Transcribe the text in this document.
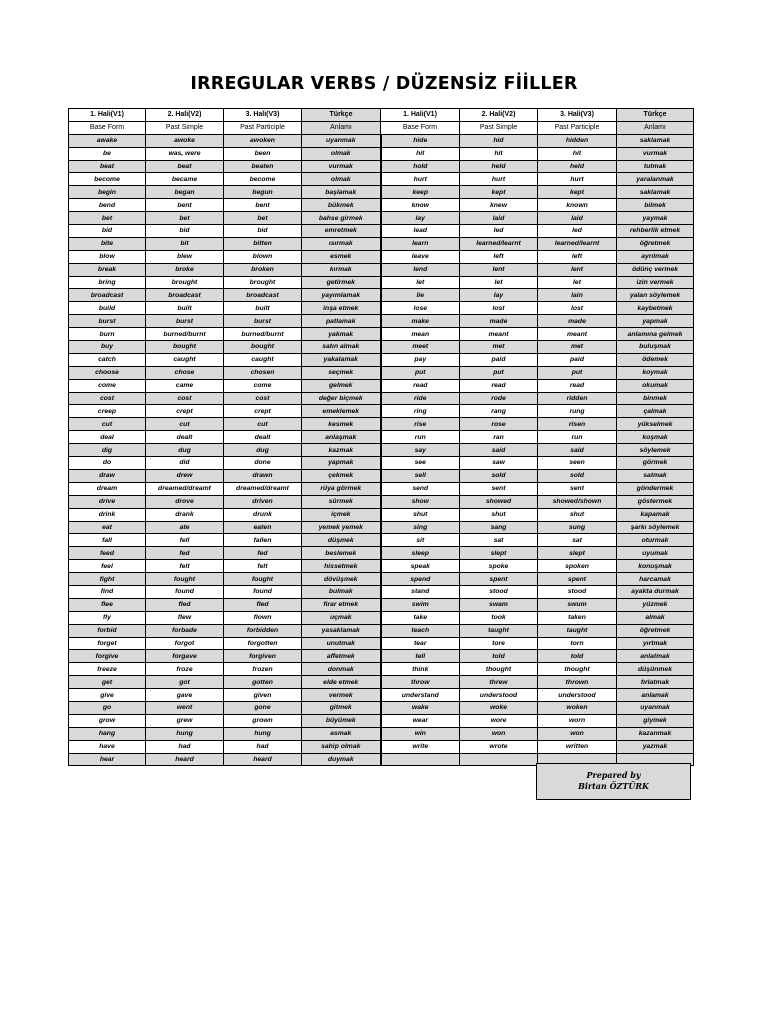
IRREGULAR VERBS / DÜZENSİZ FİİLLER
1. Hali(V1)	2. Hali(V2)	3. Hali(V3)	Türkçe	1. Hali(V1)	2. Hali(V2)	3. Hali(V3)	Türkçe
Base Form	Past Simple	Past Participle	Anlamı	Base Form	Past Simple	Past Participle	Anlamı
awake	awoke	awoken	uyanmak	hide	hid	hidden	saklamak
be	was, were	been	olmak	hit	hit	hit	vurmak
beat	beat	beaten	vurmak	hold	held	held	tutmak
become	became	become	olmak	hurt	hurt	hurt	yaralanmak
begin	began	begun	başlamak	keep	kept	kept	saklamak
bend	bent	bent	bükmek	know	knew	known	bilmek
bet	bet	bet	bahse girmek	lay	laid	laid	yaymak
bid	bid	bid	emretmek	lead	led	led	rehberlik etmek
bite	bit	bitten	ısırmak	learn	learned/learnt	learned/learnt	öğretmek
blow	blew	blown	esmek	leave	left	left	ayrılmak
break	broke	broken	kırmak	lend	lent	lent	ödünç vermek
bring	brought	brought	getirmek	let	let	let	izin vermek
broadcast	broadcast	broadcast	yayımlamak	lie	lay	lain	yalan söylemek
build	built	built	inşa etmek	lose	lost	lost	kaybetmek
burst	burst	burst	patlamak	make	made	made	yapmak
burn	burned/burnt	burned/burnt	yakmak	mean	meant	meant	anlamına gelmek
buy	bought	bought	satın almak	meet	met	met	buluşmak
catch	caught	caught	yakalamak	pay	paid	paid	ödemek
choose	chose	chosen	seçmek	put	put	put	koymak
come	came	come	gelmek	read	read	read	okumak
cost	cost	cost	değer biçmek	ride	rode	ridden	binmek
creep	crept	crept	emeklemek	ring	rang	rung	çalmak
cut	cut	cut	kesmek	rise	rose	risen	yükselmek
deal	dealt	dealt	anlaşmak	run	ran	run	koşmak
dig	dug	dug	kazmak	say	said	said	söylemek
do	did	done	yapmak	see	saw	seen	görmek
draw	drew	drawn	çekmek	sell	sold	sold	satmak
dream	dreamed/dreamt	dreamed/dreamt	rüya görmek	send	sent	sent	göndermek
drive	drove	driven	sürmek	show	showed	showed/shown	göstermek
drink	drank	drunk	içmek	shut	shut	shut	kapamak
eat	ate	eaten	yemek yemek	sing	sang	sung	şarkı söylemek
fall	fell	fallen	düşmek	sit	sat	sat	oturmak
feed	fed	fed	beslemek	sleep	slept	slept	uyumak
feel	felt	felt	hissetmek	speak	spoke	spoken	konuşmak
fight	fought	fought	dövüşmek	spend	spent	spent	harcamak
find	found	found	bulmak	stand	stood	stood	ayakta durmak
flee	fled	fled	firar etmek	swim	swam	swum	yüzmek
fly	flew	flown	uçmak	take	took	taken	almak
forbid	forbade	forbidden	yasaklamak	teach	taught	taught	öğretmek
forget	forgot	forgotten	unutmak	tear	tore	torn	yırtmak
forgive	forgave	forgiven	affetmek	tell	told	told	anlatmak
freeze	froze	frozen	donmak	think	thought	thought	düşünmek
get	got	gotten	elde etmek	throw	threw	thrown	fırlatmak
give	gave	given	vermek	understand	understood	understood	anlamak
go	went	gone	gitmek	wake	woke	woken	uyanmak
grow	grew	grown	büyümek	wear	wore	worn	giymek
hang	hung	hung	asmak	win	won	won	kazanmak
have	had	had	sahip olmak	write	wrote	written	yazmak
hear	heard	heard	duymak				
Prepared by
Birtan ÖZTÜRK
